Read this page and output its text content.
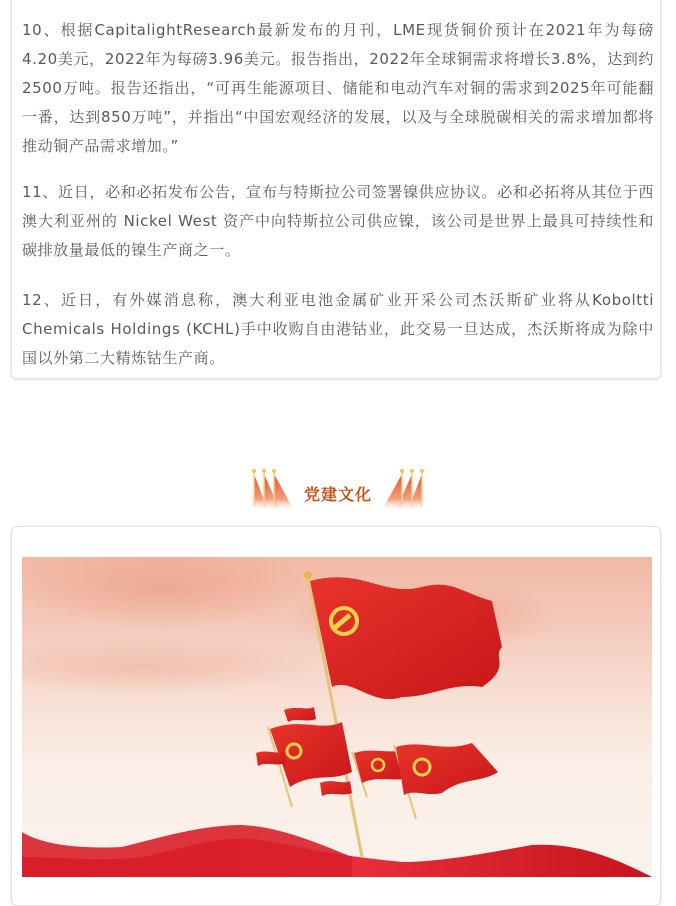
10、根据CapitalightResearch最新发布的月刊，LME现货铜价预计在2021年为每磅4.20美元，2022年为每磅3.96美元。报告指出，2022年全球铜需求将增长3.8%，达到约2500万吨。报告还指出，“可再生能源项目、储能和电动汽车对铜的需求到2025年可能翻一番，达到850万吨”，并指出“中国宏观经济的发展，以及与全球脱碳相关的需求增加都将推动铜产品需求增加。”

11、近日，必和必拓发布公告，宣布与特斯拉公司签署镍供应协议。必和必拓将从其位于西澳大利亚州的 Nickel West 资产中向特斯拉公司供应镍，该公司是世界上最具可持续性和碳排放量最低的镍生产商之一。

12、近日，有外媒消息称，澳大利亚电池金属矿业开采公司杰沃斯矿业将从Koboltti Chemicals Holdings (KCHL)手中收购自由港钴业，此交易一旦达成，杰沃斯将成为除中国以外第二大精炼钴生产商。

党建文化
